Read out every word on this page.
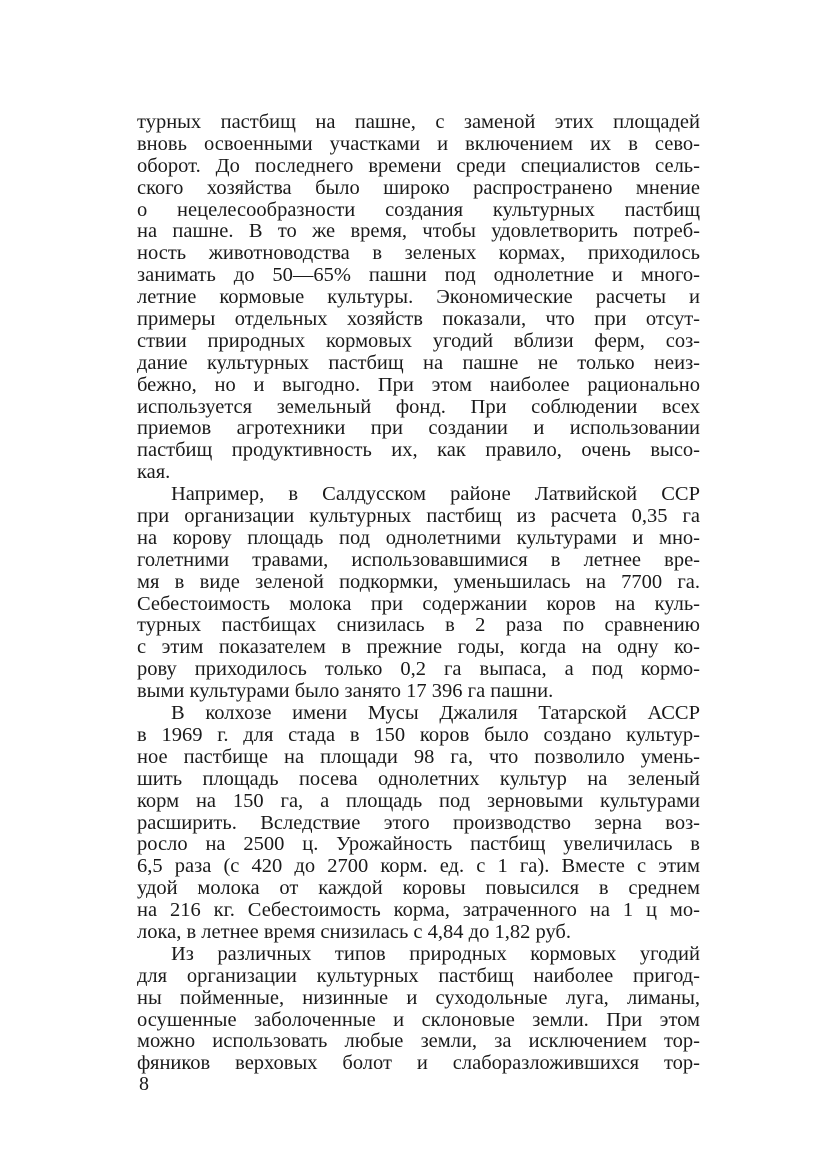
турных пастбищ на пашне, с заменой этих площадей
вновь освоенными участками и включением их в сево-
оборот. До последнего времени среди специалистов сель-
ского хозяйства было широко распространено мнение
о нецелесообразности создания культурных пастбищ
на пашне. В то же время, чтобы удовлетворить потреб-
ность животноводства в зеленых кормах, приходилось
занимать до 50—65% пашни под однолетние и много-
летние кормовые культуры. Экономические расчеты и
примеры отдельных хозяйств показали, что при отсут-
ствии природных кормовых угодий вблизи ферм, соз-
дание культурных пастбищ на пашне не только неиз-
бежно, но и выгодно. При этом наиболее рационально
используется земельный фонд. При соблюдении всех
приемов агротехники при создании и использовании
пастбищ продуктивность их, как правило, очень высо-
кая.
Например, в Салдусском районе Латвийской ССР
при организации культурных пастбищ из расчета 0,35 га
на корову площадь под однолетними культурами и мно-
голетними травами, использовавшимися в летнее вре-
мя в виде зеленой подкормки, уменьшилась на 7700 га.
Себестоимость молока при содержании коров на куль-
турных пастбищах снизилась в 2 раза по сравнению
с этим показателем в прежние годы, когда на одну ко-
рову приходилось только 0,2 га выпаса, а под кормо-
выми культурами было занято 17 396 га пашни.
В колхозе имени Мусы Джалиля Татарской АССР
в 1969 г. для стада в 150 коров было создано культур-
ное пастбище на площади 98 га, что позволило умень-
шить площадь посева однолетних культур на зеленый
корм на 150 га, а площадь под зерновыми культурами
расширить. Вследствие этого производство зерна воз-
росло на 2500 ц. Урожайность пастбищ увеличилась в
6,5 раза (с 420 до 2700 корм. ед. с 1 га). Вместе с этим
удой молока от каждой коровы повысился в среднем
на 216 кг. Себестоимость корма, затраченного на 1 ц мо-
лока, в летнее время снизилась с 4,84 до 1,82 руб.
Из различных типов природных кормовых угодий
для организации культурных пастбищ наиболее пригод-
ны пойменные, низинные и суходольные луга, лиманы,
осушенные заболоченные и склоновые земли. При этом
можно использовать любые земли, за исключением тор-
фяников верховых болот и слаборазложившихся тор-
8
